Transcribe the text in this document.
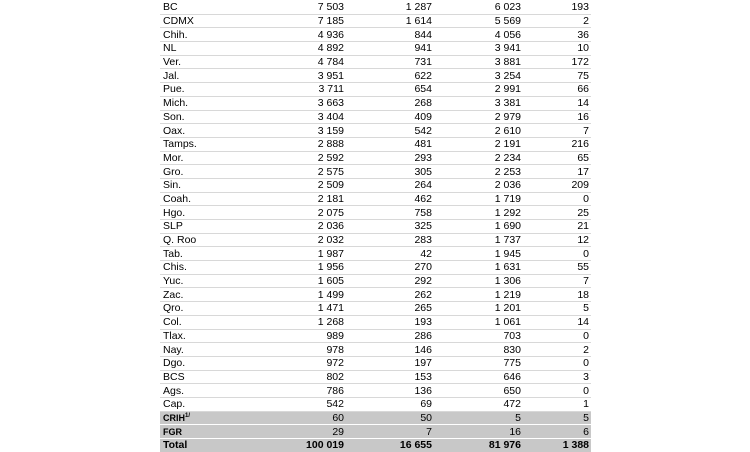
BC	7 503	1 287	6 023	193
CDMX	7 185	1 614	5 569	2
Chih.	4 936	844	4 056	36
NL	4 892	941	3 941	10
Ver.	4 784	731	3 881	172
Jal.	3 951	622	3 254	75
Pue.	3 711	654	2 991	66
Mich.	3 663	268	3 381	14
Son.	3 404	409	2 979	16
Oax.	3 159	542	2 610	7
Tamps.	2 888	481	2 191	216
Mor.	2 592	293	2 234	65
Gro.	2 575	305	2 253	17
Sin.	2 509	264	2 036	209
Coah.	2 181	462	1 719	0
Hgo.	2 075	758	1 292	25
SLP	2 036	325	1 690	21
Q. Roo	2 032	283	1 737	12
Tab.	1 987	42	1 945	0
Chis.	1 956	270	1 631	55
Yuc.	1 605	292	1 306	7
Zac.	1 499	262	1 219	18
Qro.	1 471	265	1 201	5
Col.	1 268	193	1 061	14
Tlax.	989	286	703	0
Nay.	978	146	830	2
Dgo.	972	197	775	0
BCS	802	153	646	3
Ags.	786	136	650	0
Cap.	542	69	472	1
$CRIH^{1/}$	60	50	5	5
FGR	29	7	16	6
Total	100 019	16 655	81 976	1 388
